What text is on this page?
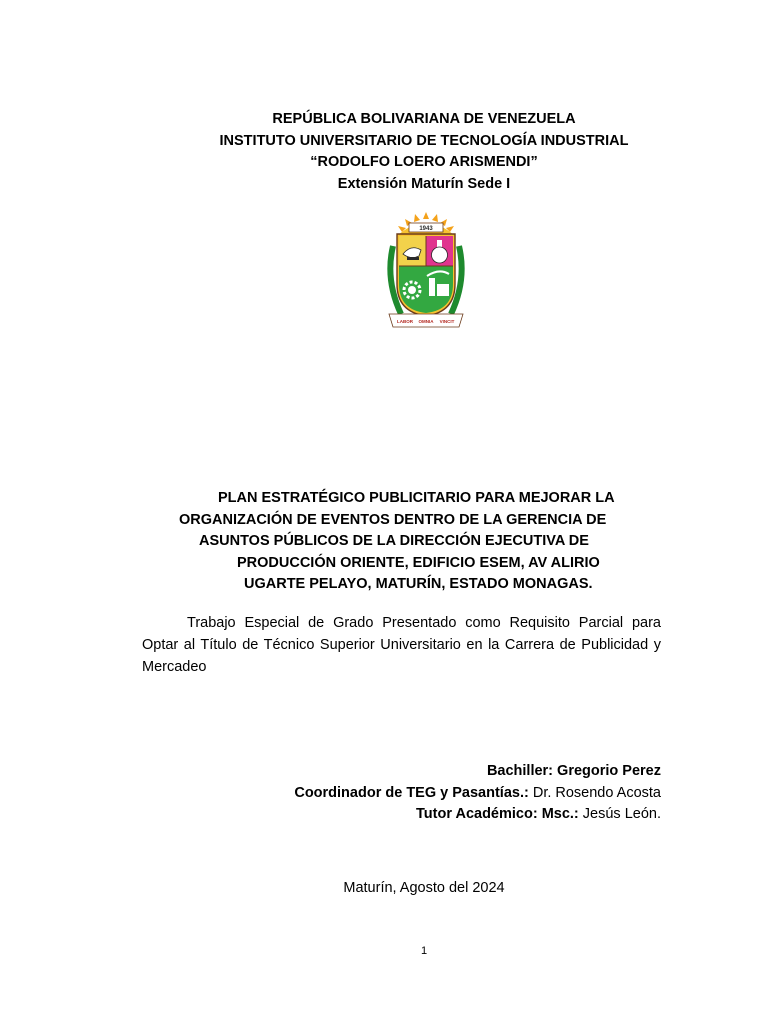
REPÚBLICA BOLIVARIANA DE VENEZUELA
INSTITUTO UNIVERSITARIO DE TECNOLOGÍA INDUSTRIAL
“RODOLFO LOERO ARISMENDI”
Extensión Maturín Sede I
1943
LABOR OMNIA VINCIT
PLAN ESTRATÉGICO PUBLICITARIO PARA MEJORAR LA
ORGANIZACIÓN DE EVENTOS DENTRO DE LA GERENCIA DE
ASUNTOS PÚBLICOS DE LA DIRECCIÓN EJECUTIVA DE
PRODUCCIÓN ORIENTE, EDIFICIO ESEM, AV ALIRIO
UGARTE PELAYO, MATURÍN, ESTADO MONAGAS.
Trabajo Especial de Grado Presentado como Requisito Parcial para Optar al Título de Técnico Superior Universitario en la Carrera de Publicidad y Mercadeo
Bachiller: Gregorio Perez
Coordinador de TEG y Pasantías.: Dr. Rosendo Acosta
Tutor Académico: Msc.: Jesús León.
Maturín, Agosto del 2024
1
